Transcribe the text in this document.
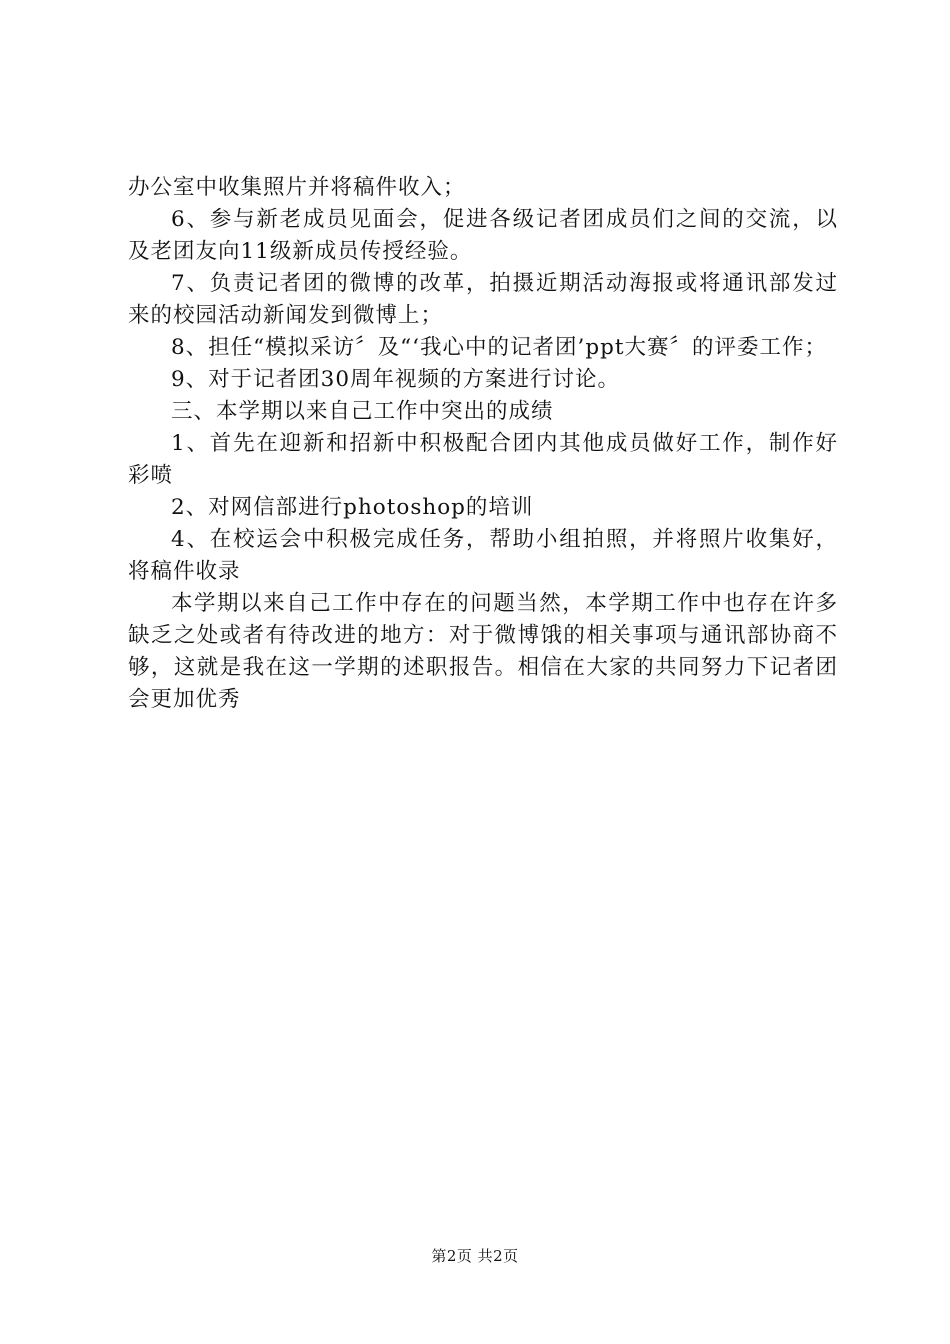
办公室中收集照片并将稿件收入；

6、参与新老成员见面会，促进各级记者团成员们之间的交流，以及老团友向11级新成员传授经验。

7、负责记者团的微博的改革，拍摄近期活动海报或将通讯部发过来的校园活动新闻发到微博上；

8、担任“模拟采访〞及“‘我心中的记者团’ppt大赛〞的评委工作；

9、对于记者团30周年视频的方案进行讨论。

三、本学期以来自己工作中突出的成绩

1、首先在迎新和招新中积极配合团内其他成员做好工作，制作好彩喷

2、对网信部进行photoshop的培训

4、在校运会中积极完成任务，帮助小组拍照，并将照片收集好，将稿件收录

本学期以来自己工作中存在的问题当然，本学期工作中也存在许多缺乏之处或者有待改进的地方：对于微博饿的相关事项与通讯部协商不够，这就是我在这一学期的述职报告。相信在大家的共同努力下记者团会更加优秀

第2页 共2页
